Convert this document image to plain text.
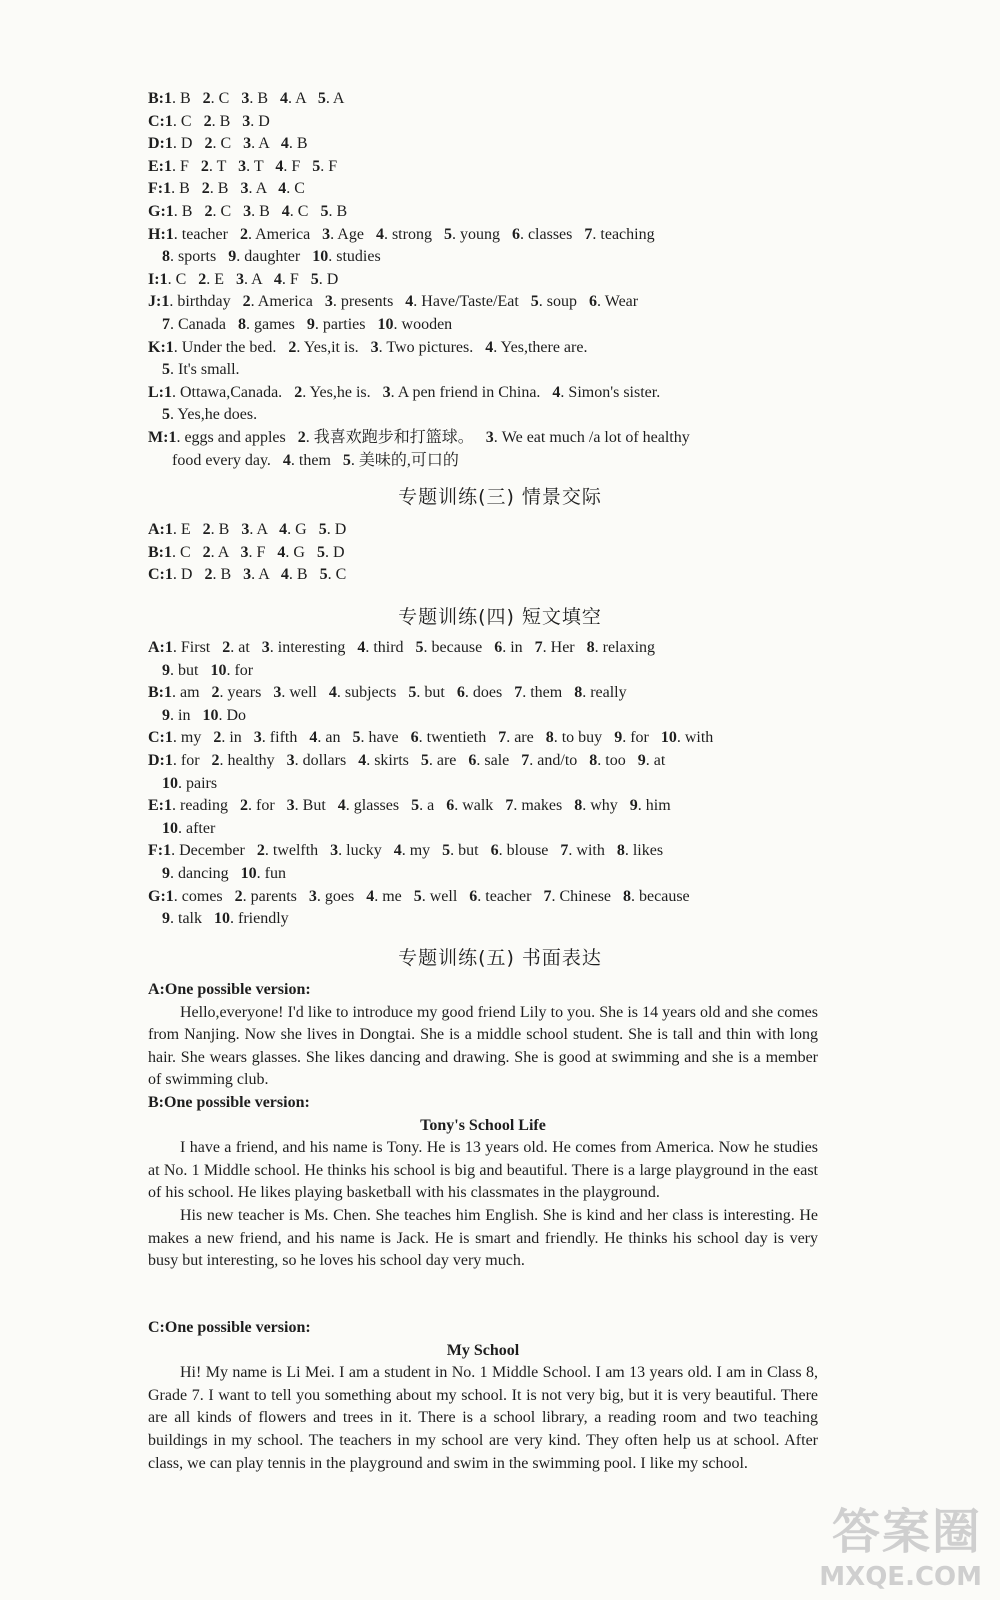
B:1. B   2. C   3. B   4. A   5. A
C:1. C   2. B   3. D
D:1. D   2. C   3. A   4. B
E:1. F   2. T   3. T   4. F   5. F
F:1. B   2. B   3. A   4. C
G:1. B   2. C   3. B   4. C   5. B
H:1. teacher   2. America   3. Age   4. strong   5. young   6. classes   7. teaching
8. sports   9. daughter   10. studies
I:1. C   2. E   3. A   4. F   5. D
J:1. birthday   2. America   3. presents   4. Have/Taste/Eat   5. soup   6. Wear
7. Canada   8. games   9. parties   10. wooden
K:1. Under the bed.   2. Yes,it is.   3. Two pictures.   4. Yes,there are.
5. It's small.
L:1. Ottawa,Canada.   2. Yes,he is.   3. A pen friend in China.   4. Simon's sister.
5. Yes,he does.
M:1. eggs and apples   2. 我喜欢跑步和打篮球。   3. We eat much /a lot of healthy
food every day.   4. them   5. 美味的,可口的
专题训练(三) 情景交际
A:1. E   2. B   3. A   4. G   5. D
B:1. C   2. A   3. F   4. G   5. D
C:1. D   2. B   3. A   4. B   5. C
专题训练(四) 短文填空
A:1. First   2. at   3. interesting   4. third   5. because   6. in   7. Her   8. relaxing
9. but   10. for
B:1. am   2. years   3. well   4. subjects   5. but   6. does   7. them   8. really
9. in   10. Do
C:1. my   2. in   3. fifth   4. an   5. have   6. twentieth   7. are   8. to buy   9. for   10. with
D:1. for   2. healthy   3. dollars   4. skirts   5. are   6. sale   7. and/to   8. too   9. at
10. pairs
E:1. reading   2. for   3. But   4. glasses   5. a   6. walk   7. makes   8. why   9. him
10. after
F:1. December   2. twelfth   3. lucky   4. my   5. but   6. blouse   7. with   8. likes
9. dancing   10. fun
G:1. comes   2. parents   3. goes   4. me   5. well   6. teacher   7. Chinese   8. because
9. talk   10. friendly
专题训练(五) 书面表达
A:One possible version:

Hello,everyone! I'd like to introduce my good friend Lily to you. She is 14 years old and she comes from Nanjing. Now she lives in Dongtai. She is a middle school student. She is tall and thin with long hair. She wears glasses. She likes dancing and drawing. She is good at swimming and she is a member of swimming club.

B:One possible version:
Tony's School Life

I have a friend, and his name is Tony. He is 13 years old. He comes from America. Now he studies at No. 1 Middle school. He thinks his school is big and beautiful. There is a large playground in the east of his school. He likes playing basketball with his classmates in the playground.

His new teacher is Ms. Chen. She teaches him English. She is kind and her class is interesting. He makes a new friend, and his name is Jack. He is smart and friendly. He thinks his school day is very busy but interesting, so he loves his school day very much.

C:One possible version:
My School

Hi! My name is Li Mei. I am a student in No. 1 Middle School. I am 13 years old. I am in Class 8, Grade 7. I want to tell you something about my school. It is not very big, but it is very beautiful. There are all kinds of flowers and trees in it. There is a school library, a reading room and two teaching buildings in my school. The teachers in my school are very kind. They often help us at school. After class, we can play tennis in the playground and swim in the swimming pool. I like my school.

答案圈
MXQE.COM
